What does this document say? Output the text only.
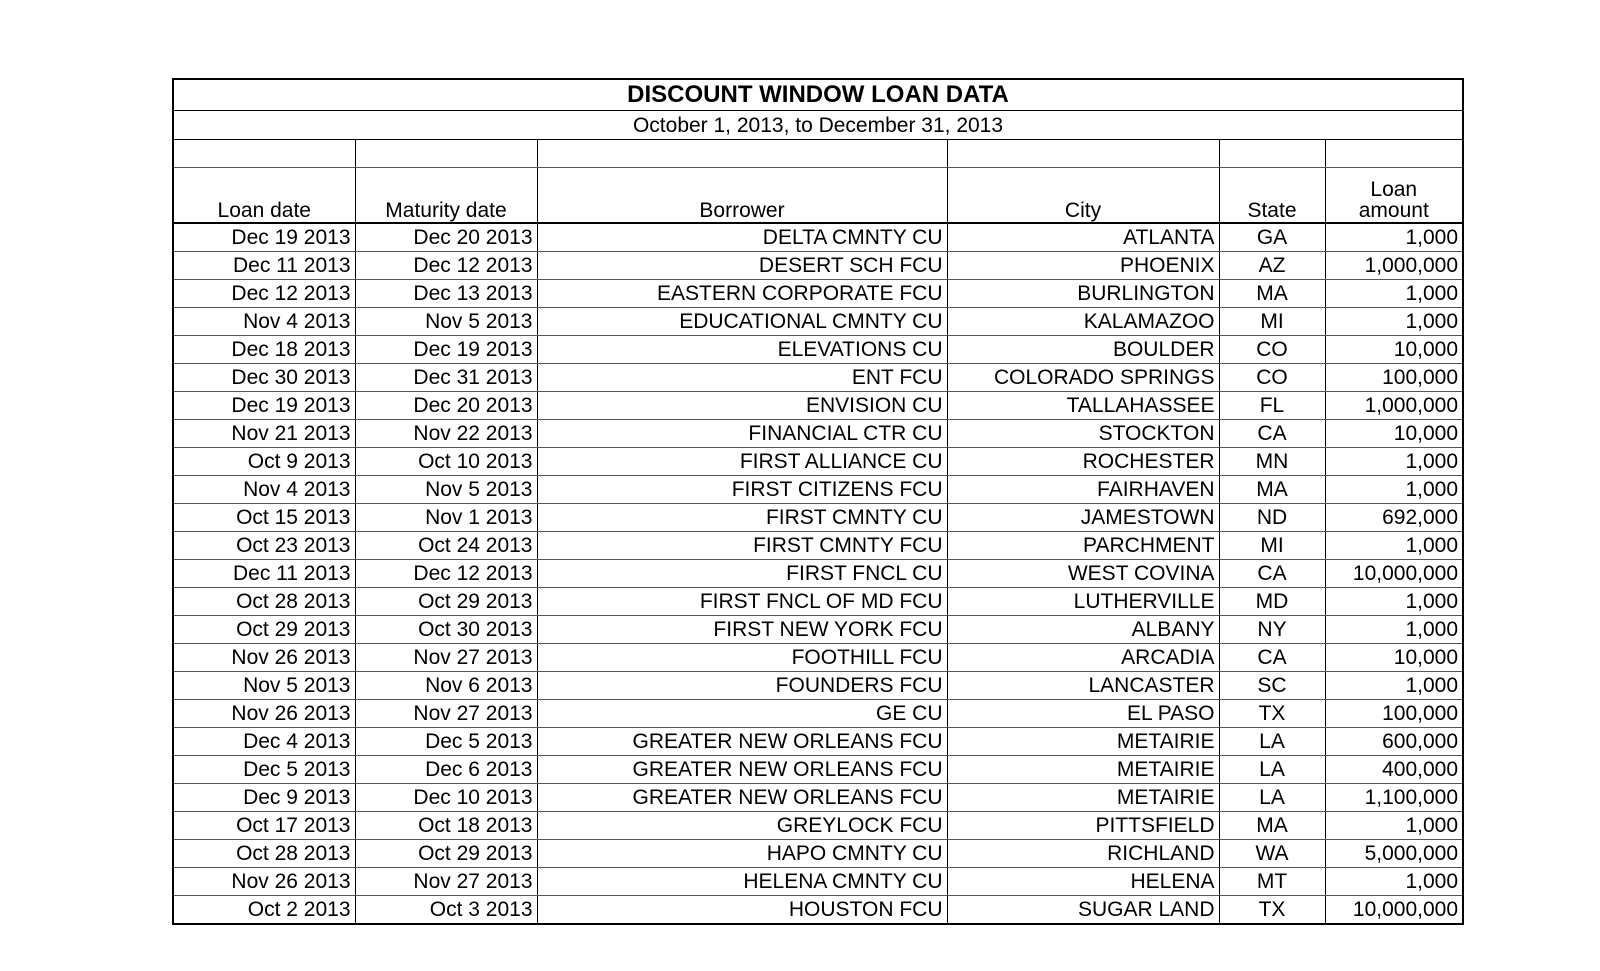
DISCOUNT WINDOW LOAN DATA					
October 1, 2013, to December 31, 2013					

Loan date	Maturity date	Borrower	City	State	Loan
amount

Dec 19 2013	Dec 20 2013	DELTA CMNTY CU	ATLANTA	GA	1,000
Dec 11 2013	Dec 12 2013	DESERT SCH FCU	PHOENIX	AZ	1,000,000
Dec 12 2013	Dec 13 2013	EASTERN CORPORATE FCU	BURLINGTON	MA	1,000
Nov 4 2013	Nov 5 2013	EDUCATIONAL CMNTY CU	KALAMAZOO	MI	1,000
Dec 18 2013	Dec 19 2013	ELEVATIONS CU	BOULDER	CO	10,000
Dec 30 2013	Dec 31 2013	ENT FCU	COLORADO SPRINGS	CO	100,000
Dec 19 2013	Dec 20 2013	ENVISION CU	TALLAHASSEE	FL	1,000,000
Nov 21 2013	Nov 22 2013	FINANCIAL CTR CU	STOCKTON	CA	10,000
Oct 9 2013	Oct 10 2013	FIRST ALLIANCE CU	ROCHESTER	MN	1,000
Nov 4 2013	Nov 5 2013	FIRST CITIZENS FCU	FAIRHAVEN	MA	1,000
Oct 15 2013	Nov 1 2013	FIRST CMNTY CU	JAMESTOWN	ND	692,000
Oct 23 2013	Oct 24 2013	FIRST CMNTY FCU	PARCHMENT	MI	1,000
Dec 11 2013	Dec 12 2013	FIRST FNCL CU	WEST COVINA	CA	10,000,000
Oct 28 2013	Oct 29 2013	FIRST FNCL OF MD FCU	LUTHERVILLE	MD	1,000
Oct 29 2013	Oct 30 2013	FIRST NEW YORK FCU	ALBANY	NY	1,000
Nov 26 2013	Nov 27 2013	FOOTHILL FCU	ARCADIA	CA	10,000
Nov 5 2013	Nov 6 2013	FOUNDERS FCU	LANCASTER	SC	1,000
Nov 26 2013	Nov 27 2013	GE CU	EL PASO	TX	100,000
Dec 4 2013	Dec 5 2013	GREATER NEW ORLEANS FCU	METAIRIE	LA	600,000
Dec 5 2013	Dec 6 2013	GREATER NEW ORLEANS FCU	METAIRIE	LA	400,000
Dec 9 2013	Dec 10 2013	GREATER NEW ORLEANS FCU	METAIRIE	LA	1,100,000
Oct 17 2013	Oct 18 2013	GREYLOCK FCU	PITTSFIELD	MA	1,000
Oct 28 2013	Oct 29 2013	HAPO CMNTY CU	RICHLAND	WA	5,000,000
Nov 26 2013	Nov 27 2013	HELENA CMNTY CU	HELENA	MT	1,000
Oct 2 2013	Oct 3 2013	HOUSTON FCU	SUGAR LAND	TX	10,000,000
